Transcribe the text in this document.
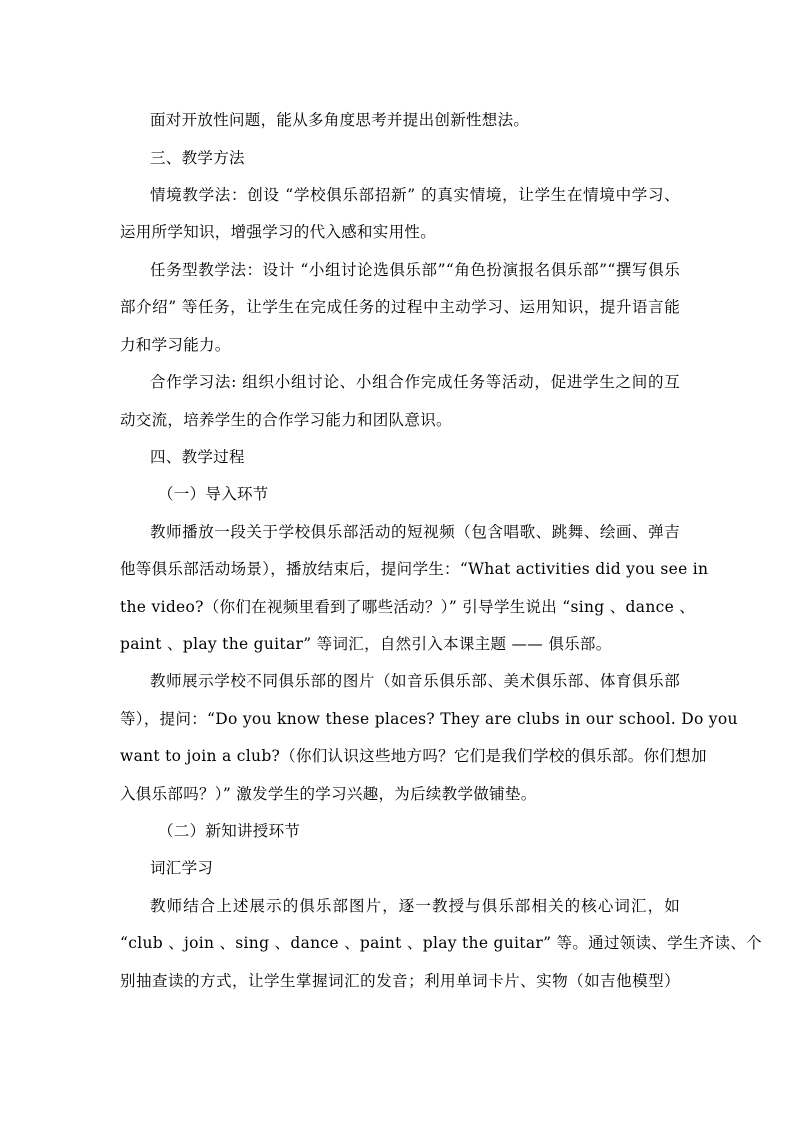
面对开放性问题，能从多角度思考并提出创新性想法。
三、教学方法
情境教学法：创设 “学校俱乐部招新” 的真实情境，让学生在情境中学习、
运用所学知识，增强学习的代入感和实用性。
任务型教学法：设计 “小组讨论选俱乐部”“角色扮演报名俱乐部”“撰写俱乐
部介绍” 等任务，让学生在完成任务的过程中主动学习、运用知识，提升语言能
力和学习能力。
合作学习法: 组织小组讨论、小组合作完成任务等活动，促进学生之间的互
动交流，培养学生的合作学习能力和团队意识。
四、教学过程
（一）导入环节
教师播放一段关于学校俱乐部活动的短视频（包含唱歌、跳舞、绘画、弹吉
他等俱乐部活动场景），播放结束后，提问学生：“What activities did you see in
the video?（你们在视频里看到了哪些活动？）” 引导学生说出 “sing 、dance 、
paint 、play the guitar” 等词汇，自然引入本课主题 —— 俱乐部。
教师展示学校不同俱乐部的图片（如音乐俱乐部、美术俱乐部、体育俱乐部
等），提问：“Do you know these places? They are clubs in our school. Do you
want to join a club?（你们认识这些地方吗？它们是我们学校的俱乐部。你们想加
入俱乐部吗？）” 激发学生的学习兴趣，为后续教学做铺垫。
（二）新知讲授环节
词汇学习
教师结合上述展示的俱乐部图片，逐一教授与俱乐部相关的核心词汇，如
“club 、join 、sing 、dance 、paint 、play the guitar” 等。通过领读、学生齐读、个
别抽查读的方式，让学生掌握词汇的发音；利用单词卡片、实物（如吉他模型）
